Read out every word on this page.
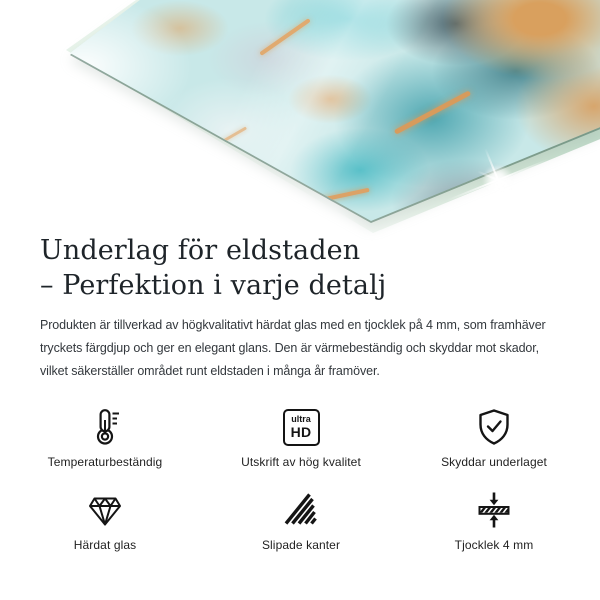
Underlag för eldstaden
– Perfektion i varje detalj

Produkten är tillverkad av högkvalitativt härdat glas med en tjocklek på 4 mm, som framhäver
tryckets färgdjup och ger en elegant glans. Den är värmebeständig och skyddar mot skador,
vilket säkerställer området runt eldstaden i många år framöver.

Temperaturbeständig
ultra
HD
Utskrift av hög kvalitet	Skyddar underlaget
Härdat glas	Slipade kanter	Tjocklek 4 mm
